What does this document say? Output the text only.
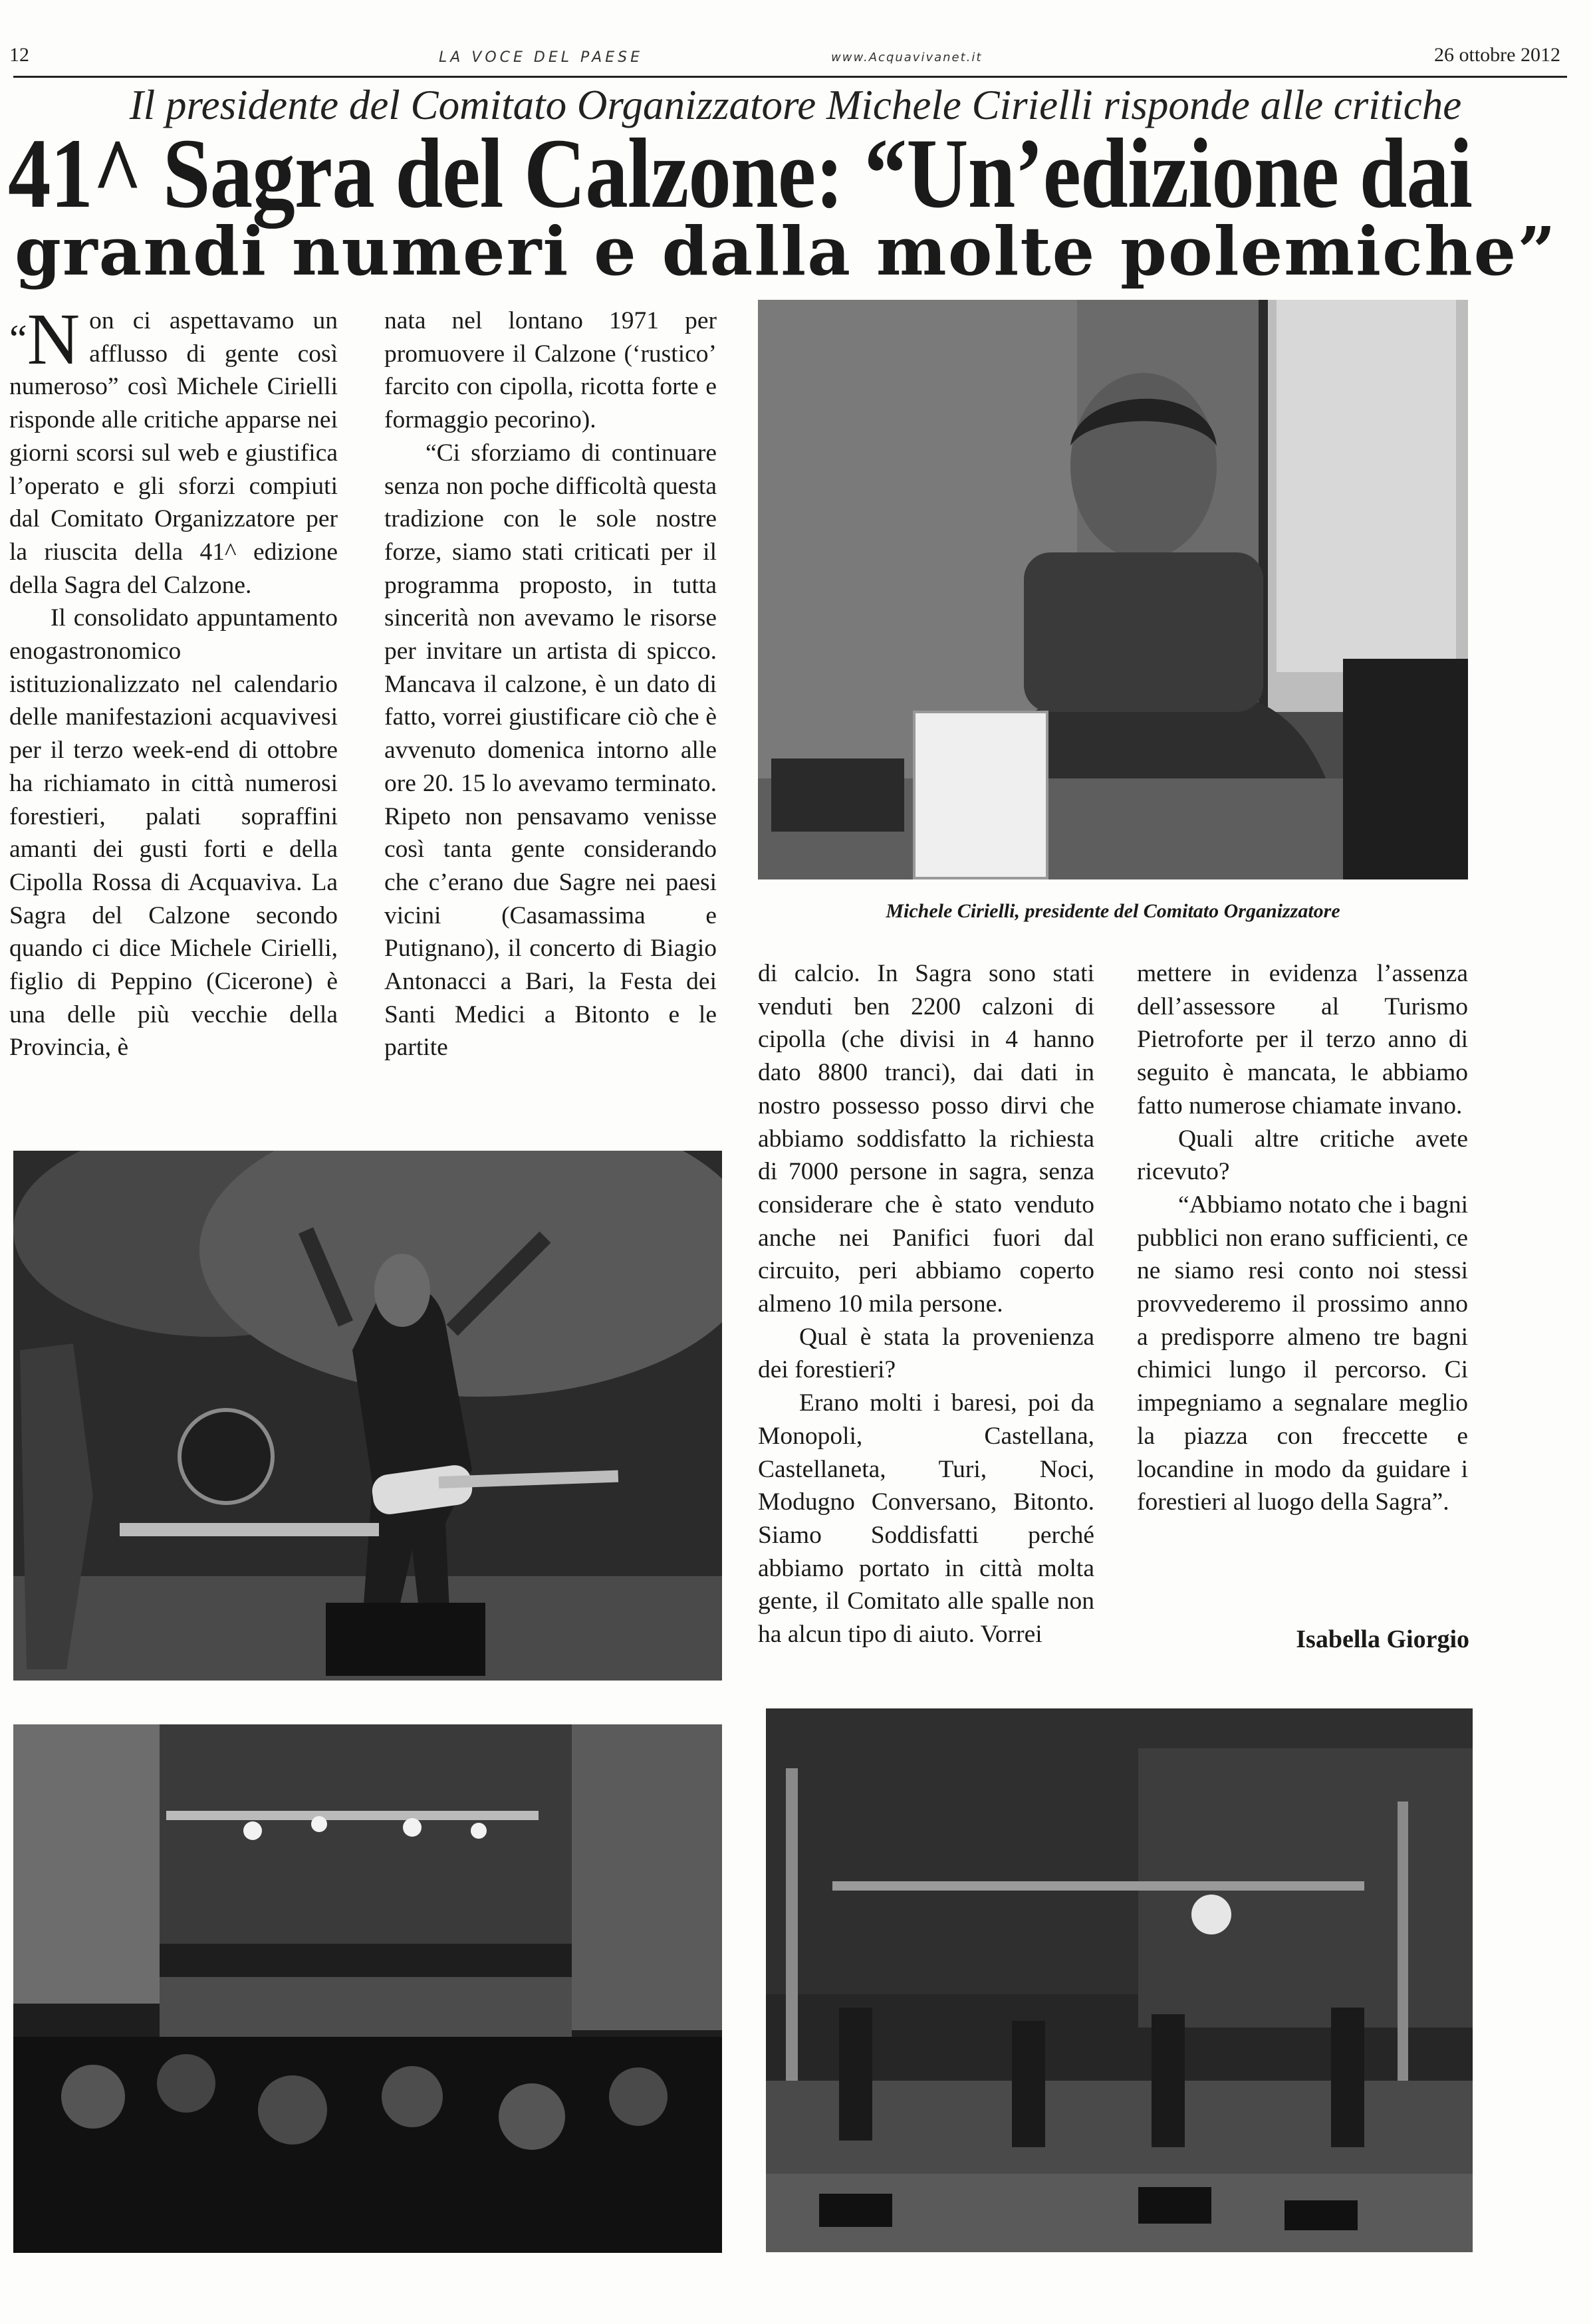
12	LA VOCE DEL PAESE	www.Acquavivanet.it	26 ottobre 2012
Il presidente del Comitato Organizzatore Michele Cirielli risponde alle critiche
41^ Sagra del Calzone: “Un’edizione dai
grandi numeri e dalla molte polemiche”

“N on ci aspettavamo un afflusso di gente così numeroso” così Michele Cirielli risponde alle critiche apparse nei giorni scorsi sul web e giustifica l’operato e gli sforzi compiuti dal Comitato Organizzatore per la riuscita della 41^ edizione della Sagra del Calzone.

Il consolidato appuntamento enogastronomico istituzionalizzato nel calendario delle manifestazioni acquavivesi per il terzo week-end di ottobre ha richiamato in città numerosi forestieri, palati sopraffini amanti dei gusti forti e della Cipolla Rossa di Acquaviva. La Sagra del Calzone secondo quando ci dice Michele Cirielli, figlio di Peppino (Cicerone) è una delle più vecchie della Provincia, è

nata nel lontano 1971 per promuovere il Calzone (‘rustico’ farcito con cipolla, ricotta forte e formaggio pecorino).

“Ci sforziamo di continuare senza non poche difficoltà questa tradizione con le sole nostre forze, siamo stati criticati per il programma proposto, in tutta sincerità non avevamo le risorse per invitare un artista di spicco. Mancava il calzone, è un dato di fatto, vorrei giustificare ciò che è avvenuto domenica intorno alle ore 20. 15 lo avevamo terminato. Ripeto non pensavamo venisse così tanta gente considerando che c’erano due Sagre nei paesi vicini (Casamassima e Putignano), il concerto di Biagio Antonacci a Bari, la Festa dei Santi Medici a Bitonto e le partite

Michele Cirielli, presidente del Comitato Organizzatore

di calcio. In Sagra sono stati venduti ben 2200 calzoni di cipolla (che divisi in 4 hanno dato 8800 tranci), dai dati in nostro possesso posso dirvi che abbiamo soddisfatto la richiesta di 7000 persone in sagra, senza considerare che è stato venduto anche nei Panifici fuori dal circuito, peri abbiamo coperto almeno 10 mila persone.

Qual è stata la provenienza dei forestieri?

Erano molti i baresi, poi da Monopoli, Castellana, Castellaneta, Turi, Noci, Modugno Conversano, Bitonto. Siamo Soddisfatti perché abbiamo portato in città molta gente, il Comitato alle spalle non ha alcun tipo di aiuto. Vorrei

mettere in evidenza l’assenza dell’assessore al Turismo Pietroforte per il terzo anno di seguito è mancata, le abbiamo fatto numerose chiamate invano.

Quali altre critiche avete ricevuto?

“Abbiamo notato che i bagni pubblici non erano sufficienti, ce ne siamo resi conto noi stessi provvederemo il prossimo anno a predisporre almeno tre bagni chimici lungo il percorso. Ci impegniamo a segnalare meglio la piazza con freccette e locandine in modo da guidare i forestieri al luogo della Sagra”.

Isabella Giorgio
